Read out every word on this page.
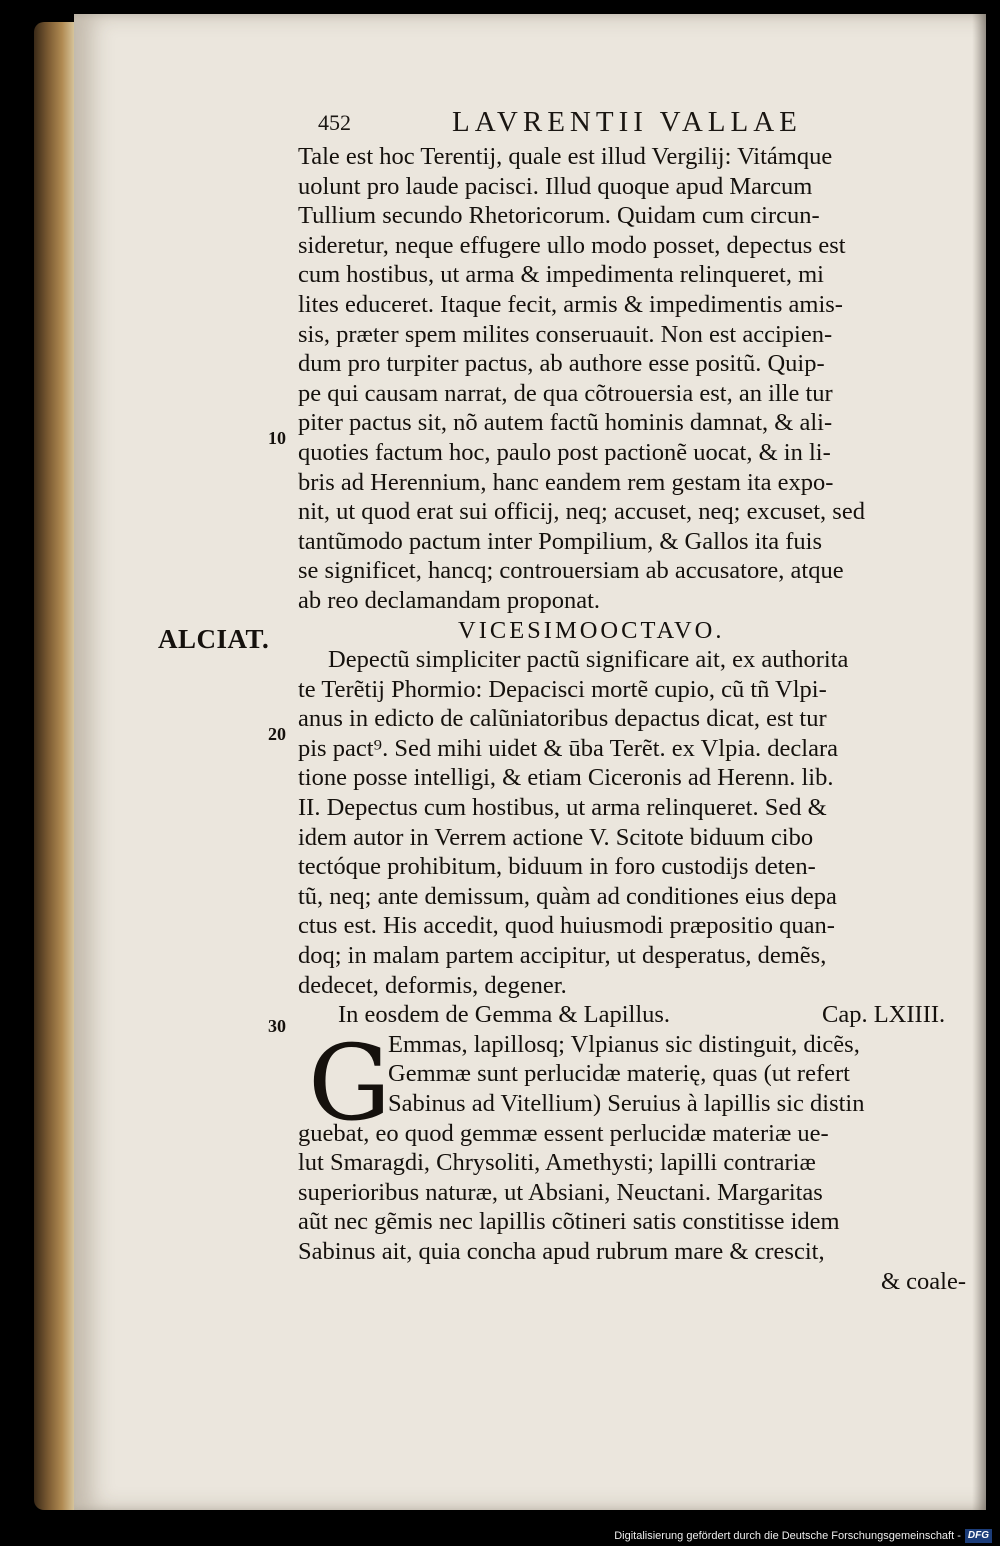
452	LAVRENTII VALLAE
10
20
30
ALCIAT.
G
Tale est hoc Terentij, quale est illud Vergilij: Vitámque
uolunt pro laude pacisci. Illud quoque apud Marcum
Tullium secundo Rhetoricorum. Quidam cum circun-
sideretur, neque effugere ullo modo posset, depectus est
cum hostibus, ut arma & impedimenta relinqueret, mi
lites educeret. Itaque fecit, armis & impedimentis amis-
sis, præter spem milites conseruauit. Non est accipien-
dum pro turpiter pactus, ab authore esse positũ. Quip-
pe qui causam narrat, de qua cõtrouersia est, an ille tur
piter pactus sit, nõ autem factũ hominis damnat, & ali-
quoties factum hoc, paulo post pactionẽ uocat, & in li-
bris ad Herennium, hanc eandem rem gestam ita expo-
nit, ut quod erat sui officij, neq; accuset, neq; excuset, sed
tantũmodo pactum inter Pompilium, & Gallos ita fuis
se significet, hancq; controuersiam ab accusatore, atque
ab reo declamandam proponat.
VICESIMOOCTAVO.
Depectũ simpliciter pactũ significare ait, ex authorita
te Terẽtij Phormio: Depacisci mortẽ cupio, cũ tñ Vlpi-
anus in edicto de calũniatoribus depactus dicat, est tur
pis pact⁹. Sed mihi uidet & ūba Terẽt. ex Vlpia. declara
tione posse intelligi, & etiam Ciceronis ad Herenn. lib.
II. Depectus cum hostibus, ut arma relinqueret. Sed &
idem autor in Verrem actione V. Scitote biduum cibo
tectóque prohibitum, biduum in foro custodijs deten-
tũ, neq; ante demissum, quàm ad conditiones eius depa
ctus est. His accedit, quod huiusmodi præpositio quan-
doq; in malam partem accipitur, ut desperatus, demẽs,
dedecet, deformis, degener.
In eosdem de Gemma & Lapillus.	Cap. LXIIII.
Emmas, lapillosq; Vlpianus sic distinguit, dicẽs,
Gemmæ sunt perlucidæ materię, quas (ut refert
Sabinus ad Vitellium) Seruius à lapillis sic distin
guebat, eo quod gemmæ essent perlucidæ materiæ ue-
lut Smaragdi, Chrysoliti, Amethysti; lapilli contrariæ
superioribus naturæ, ut Absiani, Neuctani. Margaritas
aũt nec gẽmis nec lapillis cõtineri satis constitisse idem
Sabinus ait, quia concha apud rubrum mare & crescit,
& coale-
Digitalisierung gefördert durch die Deutsche Forschungsgemeinschaft - DFG
